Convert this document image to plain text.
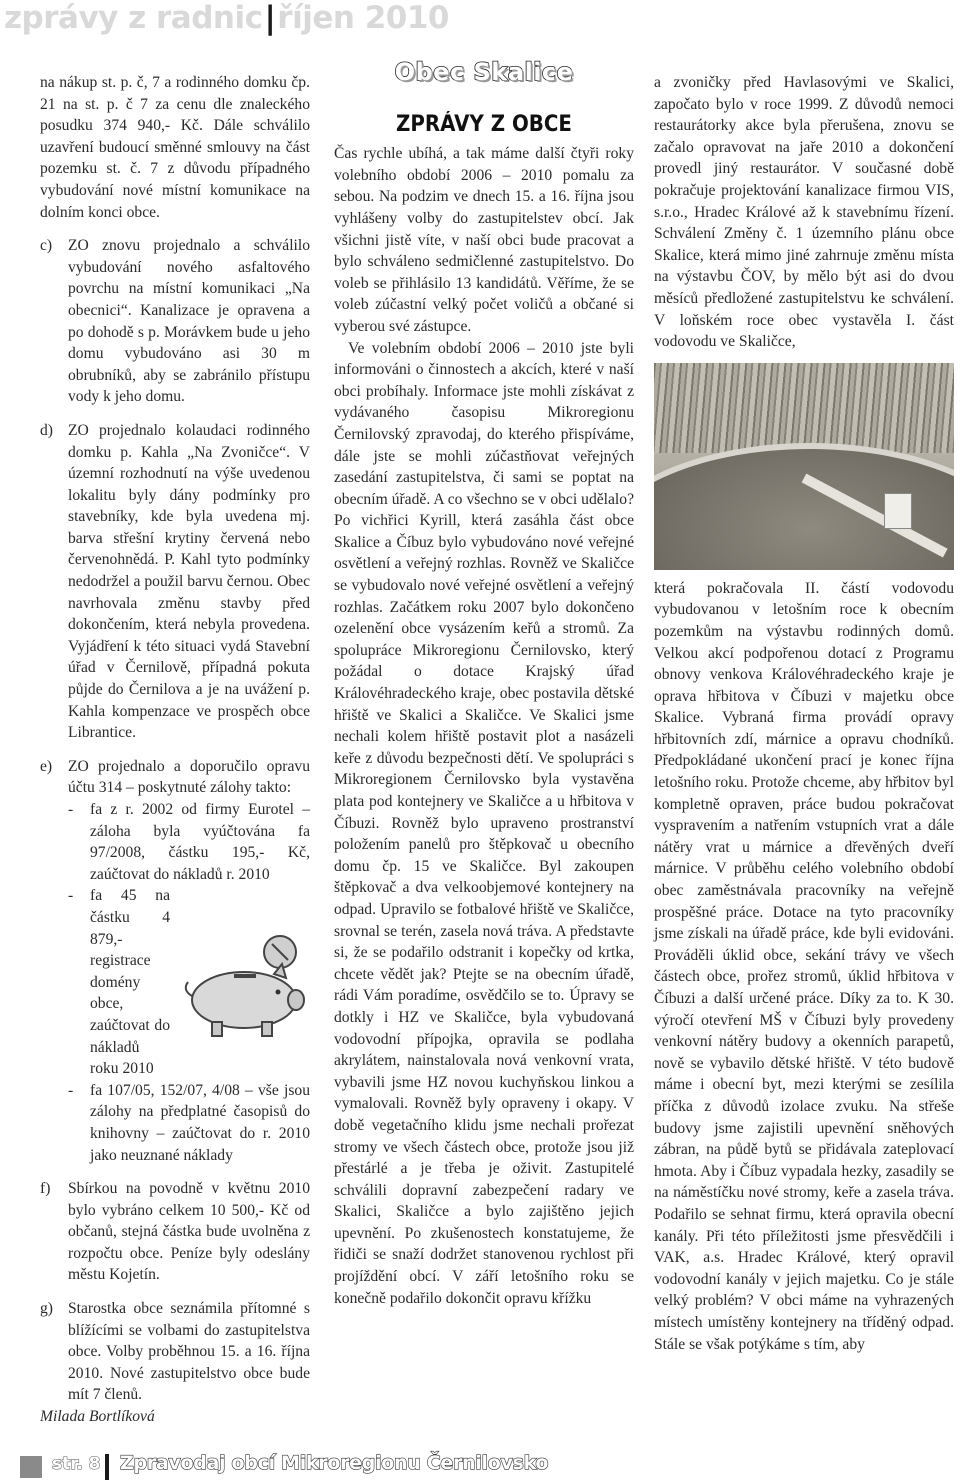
zprávy z radnic|říjen 2010

na nákup st. p. č, 7 a rodinného domku čp. 21 na st. p. č 7 za cenu dle znaleckého posudku 374 940,- Kč. Dále schválilo uzavření budoucí směnné smlouvy na část pozemku st. č. 7 z důvodu případného vybudování nové místní komunikace na dolním konci obce.

c) ZO znovu projednalo a schválilo vybudování nového asfaltového povrchu na místní komunikaci „Na obecnici“. Kanalizace je opravena a po dohodě s p. Morávkem bude u jeho domu vybudováno asi 30 m obrubníků, aby se zabránilo přístupu vody k jeho domu.
d) ZO projednalo kolaudaci rodinného domku p. Kahla „Na Zvoničce“. V územní rozhodnutí na výše uvedenou lokalitu byly dány podmínky pro stavebníky, kde byla uvedena mj. barva střešní krytiny červená nebo červenohnědá. P. Kahl tyto podmínky nedodržel a použil barvu černou. Obec navrhovala změnu stavby před dokončením, která nebyla provedena. Vyjádření k této situaci vydá Stavební úřad v Černilově, případná pokuta půjde do Černilova a je na uvážení p. Kahla kompenzace ve prospěch obce Librantice.
e) ZO projednalo a doporučilo opravu účtu 314 – poskytnuté zálohy takto:
- fa z r. 2002 od firmy Eurotel – záloha byla vyúčtována fa 97/2008, částku 195,- Kč, zaúčtovat do nákladů r. 2010
- fa 45 na částku 4 879,- registrace domény obce, zaúčtovat do nákladů roku 2010
- fa 107/05, 152/07, 4/08 – vše jsou zálohy na předplatné časopisů do knihovny – zaúčtovat do r. 2010 jako neuznané náklady
f) Sbírkou na povodně v květnu 2010 bylo vybráno celkem 10 500,- Kč od občanů, stejná částka bude uvolněna z rozpočtu obce. Peníze byly odeslány městu Kojetín.
g) Starostka obce seznámila přítomné s blížícími se volbami do zastupitelstva obce. Volby proběhnou 15. a 16. října 2010. Nové zastupitelstvo obce bude mít 7 členů.

Milada Bortlíková

Obec Skalice
ZPRÁVY Z OBCE

Čas rychle ubíhá, a tak máme další čtyři roky volebního období 2006 – 2010 pomalu za sebou. Na podzim ve dnech 15. a 16. října jsou vyhlášeny volby do zastupitelstev obcí. Jak všichni jistě víte, v naší obci bude pracovat a bylo schváleno sedmičlenné zastupitelstvo. Do voleb se přihlásilo 13 kandidátů. Věříme, že se voleb zúčastní velký počet voličů a občané si vyberou své zástupce.

Ve volebním období 2006 – 2010 jste byli informováni o činnostech a akcích, které v naší obci probíhaly. Informace jste mohli získávat z vydávaného časopisu Mikroregionu Černilovský zpravodaj, do kterého přispíváme, dále jste se mohli zúčastňovat veřejných zasedání zastupitelstva, či sami se poptat na obecním úřadě. A co všechno se v obci udělalo? Po vichřici Kyrill, která zasáhla část obce Skalice a Číbuz bylo vybudováno nové veřejné osvětlení a veřejný rozhlas. Rovněž ve Skaličce se vybudovalo nové veřejné osvětlení a veřejný rozhlas. Začátkem roku 2007 bylo dokončeno ozelenění obce vysázením keřů a stromů. Za spolupráce Mikroregionu Černilovsko, který požádal o dotace Krajský úřad Královéhradeckého kraje, obec postavila dětské hřiště ve Skalici a Skaličce. Ve Skalici jsme nechali kolem hřiště postavit plot a nasázeli keře z důvodu bezpečnosti dětí. Ve spolupráci s Mikroregionem Černilovsko byla vystavěna plata pod kontejnery ve Skaličce a u hřbitova v Číbuzi. Rovněž bylo upraveno prostranství položením panelů pro štěpkovač u obecního domu čp. 15 ve Skaličce. Byl zakoupen štěpkovač a dva velkoobjemové kontejnery na odpad. Upravilo se fotbalové hřiště ve Skaličce, srovnal se terén, zasela nová tráva. A představte si, že se podařilo odstranit i kopečky od krtka, chcete vědět jak? Ptejte se na obecním úřadě, rádi Vám poradíme, osvědčilo se to. Úpravy se dotkly i HZ ve Skaličce, byla vybudovaná vodovodní přípojka, opravila se podlaha akrylátem, nainstalovala nová venkovní vrata, vybavili jsme HZ novou kuchyňskou linkou a vymalovali. Rovněž byly opraveny i okapy. V době vegetačního klidu jsme nechali prořezat stromy ve všech částech obce, protože jsou již přestárlé a je třeba je oživit. Zastupitelé schválili dopravní zabezpečení radary ve Skalici, Skaličce a bylo zajištěno jejich upevnění. Po zkušenostech konstatujeme, že řidiči se snaží dodržet stanovenou rychlost při projíždění obcí. V září letošního roku se konečně podařilo dokončit opravu křížku

a zvoničky před Havlasovými ve Skalici, započato bylo v roce 1999. Z důvodů nemoci restaurátorky akce byla přerušena, znovu se začalo opravovat na jaře 2010 a dokončení provedl jiný restaurátor. V současné době pokračuje projektování kanalizace firmou VIS, s.r.o., Hradec Králové až k stavebnímu řízení. Schválení Změny č. 1 územního plánu obce Skalice, která mimo jiné zahrnuje změnu místa na výstavbu ČOV, by mělo být asi do dvou měsíců předložené zastupitelstvu ke schválení. V loňském roce obec vystavěla I. část vodovodu ve Skaličce,

která pokračovala II. částí vodovodu vybudovanou v letošním roce k obecním pozemkům na výstavbu rodinných domů. Velkou akcí podpořenou dotací z Programu obnovy venkova Královéhradeckého kraje je oprava hřbitova v Číbuzi v majetku obce Skalice. Vybraná firma provádí opravy hřbitovních zdí, márnice a opravu chodníků. Předpokládané ukončení prací je konec října letošního roku. Protože chceme, aby hřbitov byl kompletně opraven, práce budou pokračovat vyspravením a natřením vstupních vrat a dále nátěry vrat u márnice a dřevěných dveří márnice. V průběhu celého volebního období obec zaměstnávala pracovníky na veřejně prospěšné práce. Dotace na tyto pracovníky jsme získali na úřadě práce, kde byli evidováni. Prováděli úklid obce, sekání trávy ve všech částech obce, prořez stromů, úklid hřbitova v Číbuzi a další určené práce. Díky za to. K 30. výročí otevření MŠ v Číbuzi byly provedeny venkovní nátěry budovy a okenních parapetů, nově se vybavilo dětské hřiště. V této budově máme i obecní byt, mezi kterými se zesílila příčka z důvodů izolace zvuku. Na střeše budovy jsme zajistili upevnění sněhových zábran, na půdě bytů se přidávala zateplovací hmota. Aby i Číbuz vypadala hezky, zasadily se na náměstíčku nové stromy, keře a zasela tráva. Podařilo se sehnat firmu, která opravila obecní kanály. Při této příležitosti jsme přesvědčili i VAK, a.s. Hradec Králové, který opravil vodovodní kanály v jejich majetku. Co je stále velký problém? V obci máme na vyhrazených místech umístěny kontejnery na tříděný odpad. Stále se však potýkáme s tím, aby

str. 8 Zpravodaj obcí Mikroregionu Černilovsko
